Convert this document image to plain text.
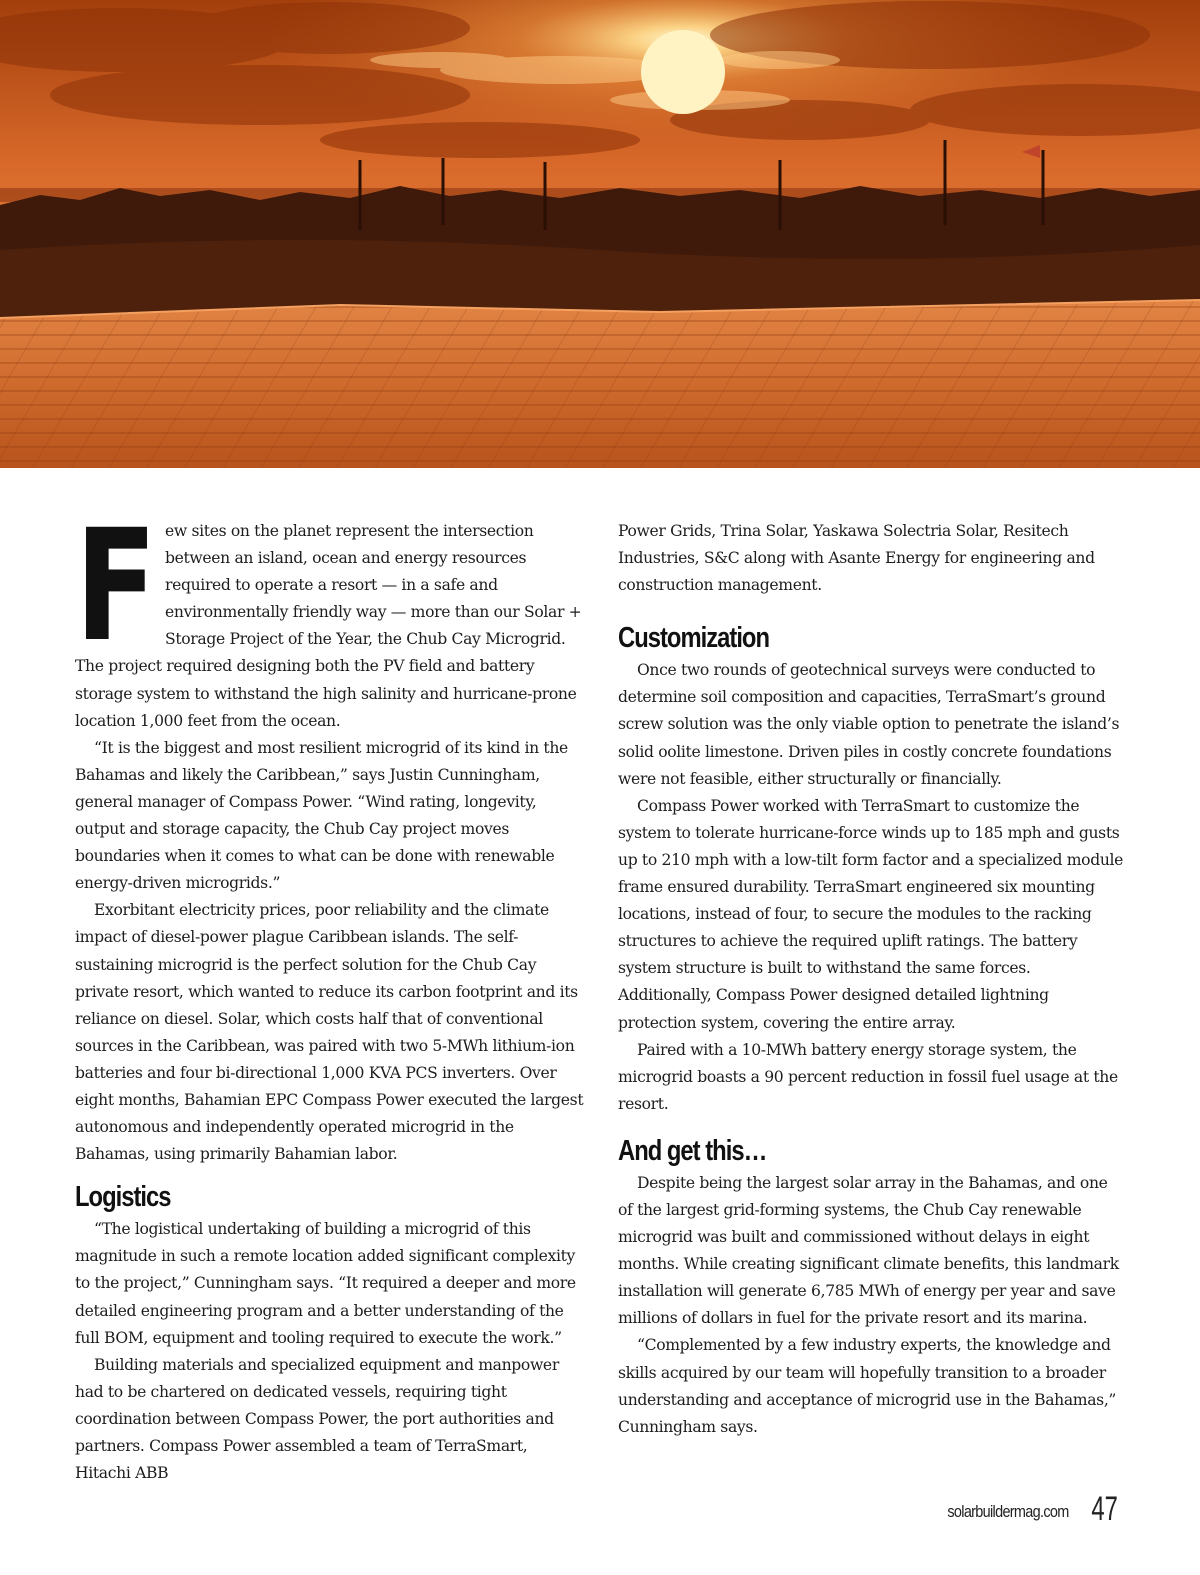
Few sites on the planet represent the intersection between an island, ocean and energy resources required to operate a resort — in a safe and environmentally friendly way — more than our Solar + Storage Project of the Year, the Chub Cay Microgrid. The project required designing both the PV field and battery storage system to withstand the high salinity and hurricane-prone location 1,000 feet from the ocean.

“It is the biggest and most resilient microgrid of its kind in the Bahamas and likely the Caribbean,” says Justin Cunningham, general manager of Compass Power. “Wind rating, longevity, output and storage capacity, the Chub Cay project moves boundaries when it comes to what can be done with renewable energy-driven microgrids.”

Exorbitant electricity prices, poor reliability and the climate impact of diesel-power plague Caribbean islands. The self-sustaining microgrid is the perfect solution for the Chub Cay private resort, which wanted to reduce its carbon footprint and its reliance on diesel. Solar, which costs half that of conventional sources in the Caribbean, was paired with two 5-MWh lithium-ion batteries and four bi-directional 1,000 KVA PCS inverters. Over eight months, Bahamian EPC Compass Power executed the largest autonomous and independently operated microgrid in the Bahamas, using primarily Bahamian labor.

Logistics

“The logistical undertaking of building a microgrid of this magnitude in such a remote location added significant complexity to the project,” Cunningham says. “It required a deeper and more detailed engineering program and a better understanding of the full BOM, equipment and tooling required to execute the work.”

Building materials and specialized equipment and manpower had to be chartered on dedicated vessels, requiring tight coordination between Compass Power, the port authorities and partners. Compass Power assembled a team of TerraSmart, Hitachi ABB

Power Grids, Trina Solar, Yaskawa Solectria Solar, Resitech Industries, S&C along with Asante Energy for engineering and construction management.

Customization

Once two rounds of geotechnical surveys were conducted to determine soil composition and capacities, TerraSmart’s ground screw solution was the only viable option to penetrate the island’s solid oolite limestone. Driven piles in costly concrete foundations were not feasible, either structurally or financially.

Compass Power worked with TerraSmart to customize the system to tolerate hurricane-force winds up to 185 mph and gusts up to 210 mph with a low-tilt form factor and a specialized module frame ensured durability. TerraSmart engineered six mounting locations, instead of four, to secure the modules to the racking structures to achieve the required uplift ratings. The battery system structure is built to withstand the same forces. Additionally, Compass Power designed detailed lightning protection system, covering the entire array.

Paired with a 10-MWh battery energy storage system, the microgrid boasts a 90 percent reduction in fossil fuel usage at the resort.

And get this…

Despite being the largest solar array in the Bahamas, and one of the largest grid-forming systems, the Chub Cay renewable microgrid was built and commissioned without delays in eight months. While creating significant climate benefits, this landmark installation will generate 6,785 MWh of energy per year and save millions of dollars in fuel for the private resort and its marina.

“Complemented by a few industry experts, the knowledge and skills acquired by our team will hopefully transition to a broader understanding and acceptance of microgrid use in the Bahamas,” Cunningham says.

solarbuildermag.com 47
